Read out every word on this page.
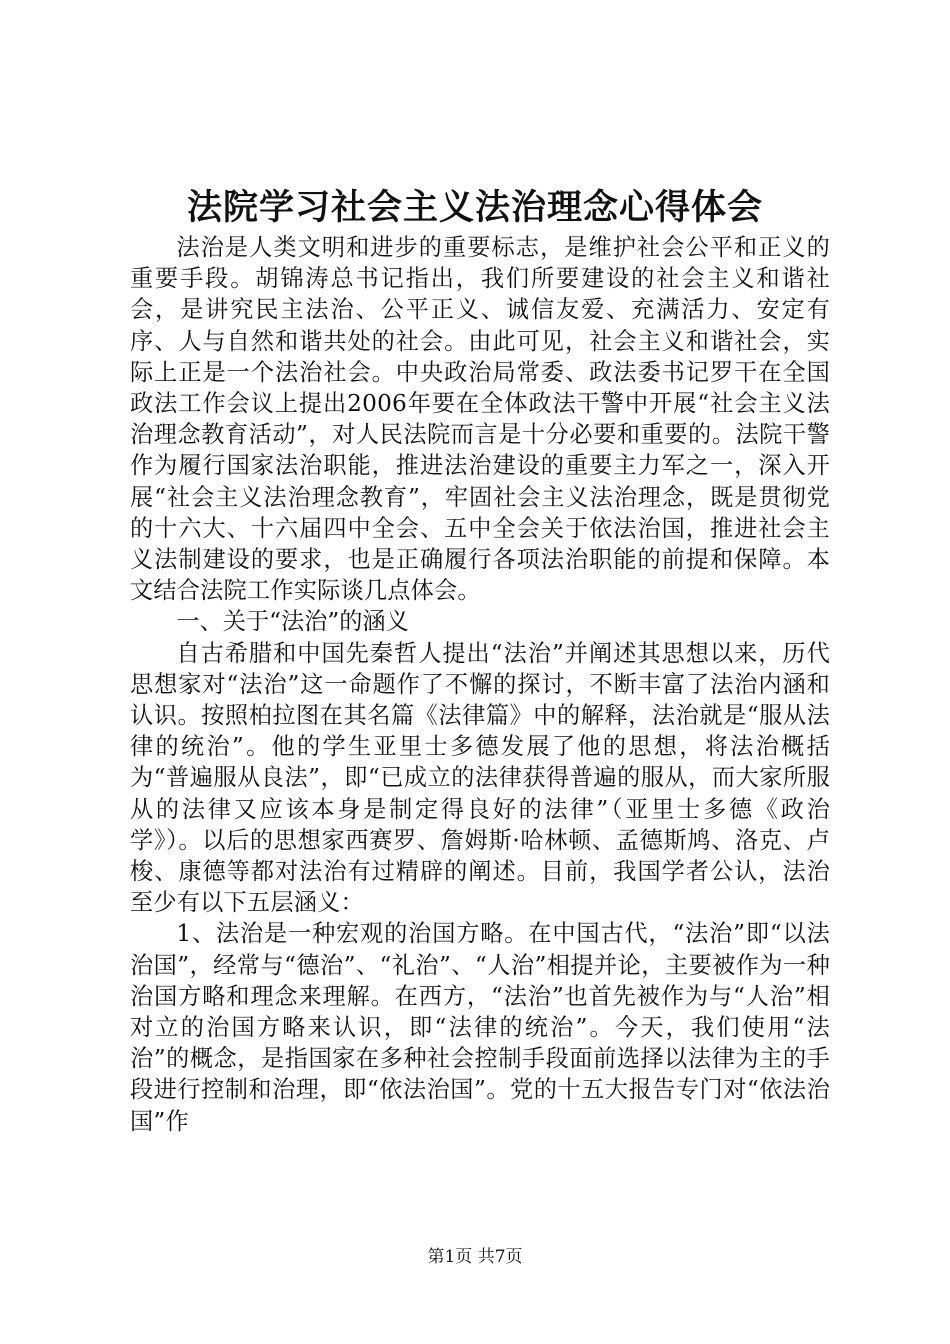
法院学习社会主义法治理念心得体会

法治是人类文明和进步的重要标志，是维护社会公平和正义的重要手段。胡锦涛总书记指出，我们所要建设的社会主义和谐社会，是讲究民主法治、公平正义、诚信友爱、充满活力、安定有序、人与自然和谐共处的社会。由此可见，社会主义和谐社会，实际上正是一个法治社会。中央政治局常委、政法委书记罗干在全国政法工作会议上提出2006年要在全体政法干警中开展“社会主义法治理念教育活动”，对人民法院而言是十分必要和重要的。法院干警作为履行国家法治职能，推进法治建设的重要主力军之一，深入开展“社会主义法治理念教育”，牢固社会主义法治理念，既是贯彻党的十六大、十六届四中全会、五中全会关于依法治国，推进社会主义法制建设的要求，也是正确履行各项法治职能的前提和保障。本文结合法院工作实际谈几点体会。

一、关于“法治”的涵义

自古希腊和中国先秦哲人提出“法治”并阐述其思想以来，历代思想家对“法治”这一命题作了不懈的探讨，不断丰富了法治内涵和认识。按照柏拉图在其名篇《法律篇》中的解释，法治就是“服从法律的统治”。他的学生亚里士多德发展了他的思想，将法治概括为“普遍服从良法”，即“已成立的法律获得普遍的服从，而大家所服从的法律又应该本身是制定得良好的法律”（亚里士多德《政治学》）。以后的思想家西赛罗、詹姆斯·哈林顿、孟德斯鸠、洛克、卢梭、康德等都对法治有过精辟的阐述。目前，我国学者公认，法治至少有以下五层涵义：

1、法治是一种宏观的治国方略。在中国古代，“法治”即“以法治国”，经常与“德治”、“礼治”、“人治”相提并论，主要被作为一种治国方略和理念来理解。在西方，“法治”也首先被作为与“人治”相对立的治国方略来认识，即“法律的统治”。今天，我们使用“法治”的概念，是指国家在多种社会控制手段面前选择以法律为主的手段进行控制和治理，即“依法治国”。党的十五大报告专门对“依法治国”作

第1页 共7页
